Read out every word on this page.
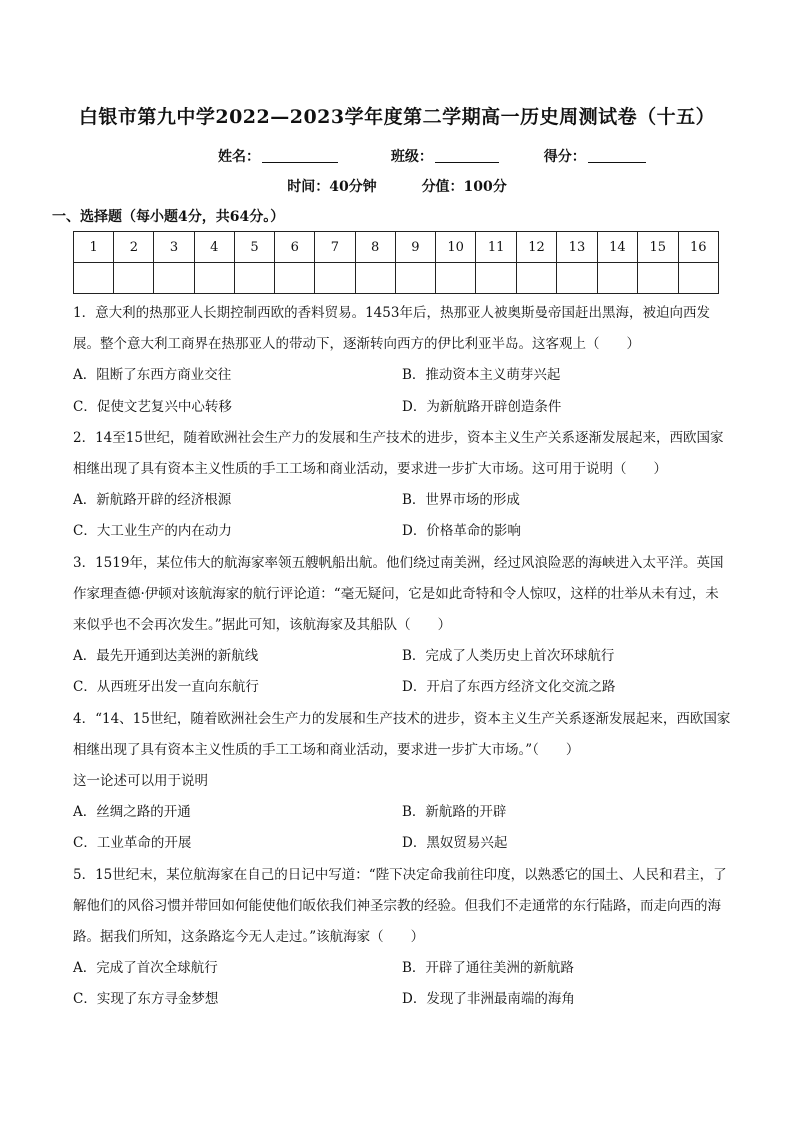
白银市第九中学2022—2023学年度第二学期高一历史周测试卷（十五）
姓名：	班级：	得分：
时间：40分钟	分值：100分
一、选择题（每小题4分，共64分。）
1	2	3	4	5	6	7	8	9	10	11	12	13	14	15	16

1．意大利的热那亚人长期控制西欧的香料贸易。1453年后，热那亚人被奥斯曼帝国赶出黑海，被迫向西发展。整个意大利工商界在热那亚人的带动下，逐渐转向西方的伊比利亚半岛。这客观上（　　）

A．阻断了东西方商业交往	B．推动资本主义萌芽兴起

C．促使文艺复兴中心转移	D．为新航路开辟创造条件

2．14至15世纪，随着欧洲社会生产力的发展和生产技术的进步，资本主义生产关系逐渐发展起来，西欧国家相继出现了具有资本主义性质的手工工场和商业活动，要求进一步扩大市场。这可用于说明（　　）

A．新航路开辟的经济根源	B．世界市场的形成

C．大工业生产的内在动力	D．价格革命的影响

3．1519年，某位伟大的航海家率领五艘帆船出航。他们绕过南美洲，经过风浪险恶的海峡进入太平洋。英国作家理查德·伊顿对该航海家的航行评论道：“毫无疑问，它是如此奇特和令人惊叹，这样的壮举从未有过，未来似乎也不会再次发生。”据此可知，该航海家及其船队（　　）

A．最先开通到达美洲的新航线	B．完成了人类历史上首次环球航行

C．从西班牙出发一直向东航行	D．开启了东西方经济文化交流之路

4．“14、15世纪，随着欧洲社会生产力的发展和生产技术的进步，资本主义生产关系逐渐发展起来，西欧国家相继出现了具有资本主义性质的手工工场和商业活动，要求进一步扩大市场。”（　　）

这一论述可以用于说明

A．丝绸之路的开通	B．新航路的开辟

C．工业革命的开展	D．黑奴贸易兴起

5．15世纪末，某位航海家在自己的日记中写道：“陛下决定命我前往印度，以熟悉它的国土、人民和君主，了解他们的风俗习惯并带回如何能使他们皈依我们神圣宗教的经验。但我们不走通常的东行陆路，而走向西的海路。据我们所知，这条路迄今无人走过。”该航海家（　　）

A．完成了首次全球航行	B．开辟了通往美洲的新航路

C．实现了东方寻金梦想	D．发现了非洲最南端的海角
